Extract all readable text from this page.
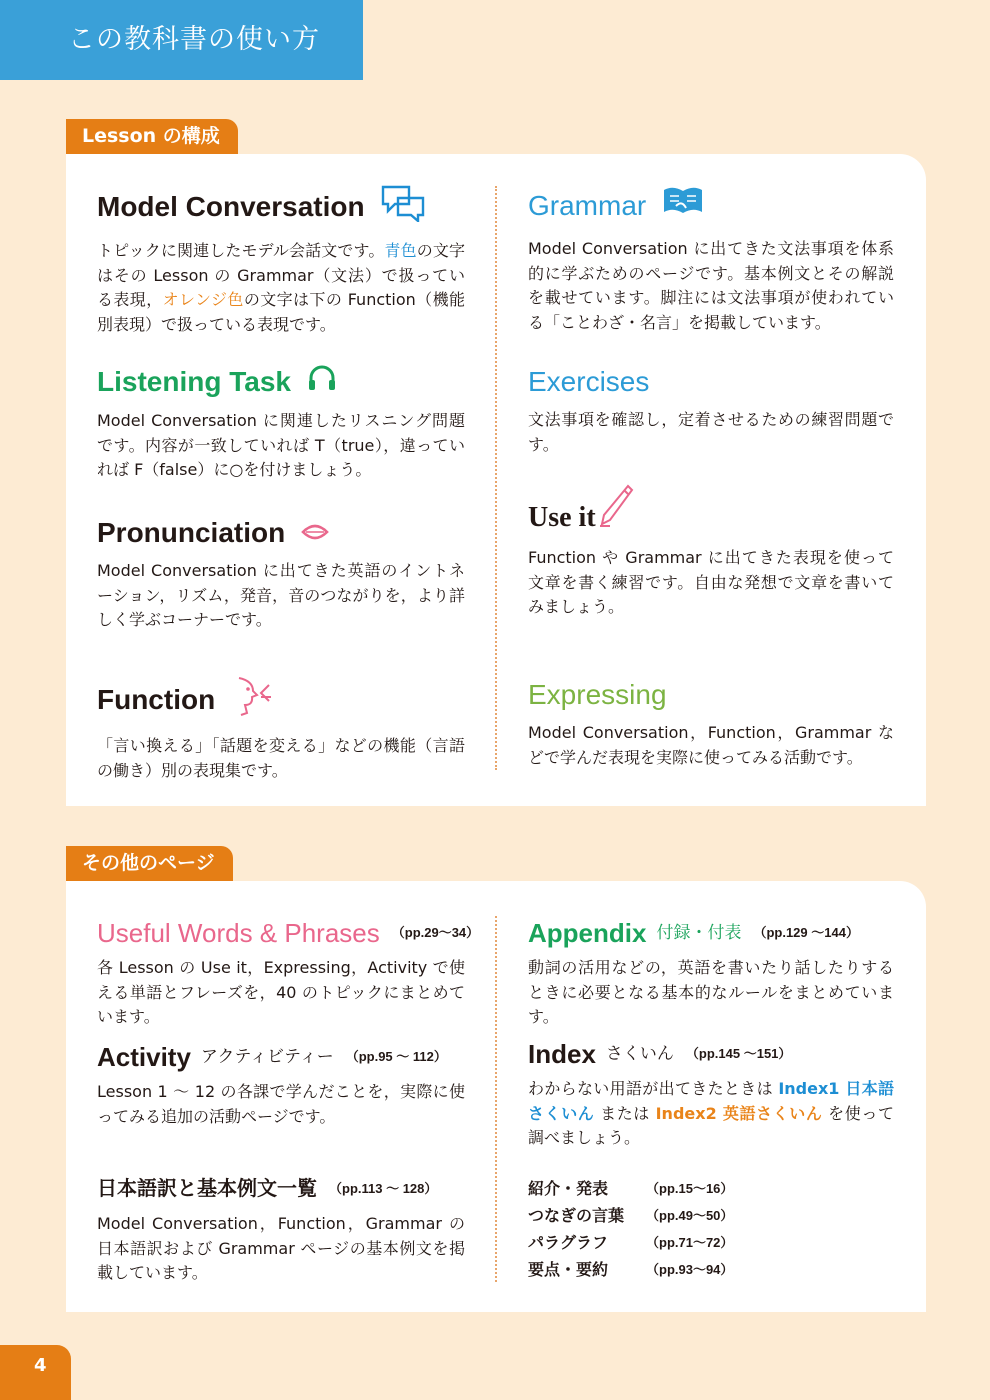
この教科書の使い方
Lesson の構成
Model Conversation
トピックに関連したモデル会話文です。青色の文字はその Lesson の Grammar（文法）で扱っている表現，オレンジ色の文字は下の Function（機能別表現）で扱っている表現です。
Listening Task
Model Conversation に関連したリスニング問題です。内容が一致していれば T（true），違っていれば F（false）に○を付けましょう。
Pronunciation
Model Conversation に出てきた英語のイントネーション，リズム，発音，音のつながりを，より詳しく学ぶコーナーです。
Function
「言い換える」「話題を変える」などの機能（言語の働き）別の表現集です。
Grammar
Model Conversation に出てきた文法事項を体系的に学ぶためのページです。基本例文とその解説を載せています。脚注には文法事項が使われている「ことわざ・名言」を掲載しています。
Exercises
文法事項を確認し，定着させるための練習問題です。
Use it
Function や Grammar に出てきた表現を使って文章を書く練習です。自由な発想で文章を書いてみましょう。
Expressing
Model Conversation，Function，Grammar などで学んだ表現を実際に使ってみる活動です。
その他のページ
Useful Words & Phrases （pp.29〜34）
各 Lesson の Use it，Expressing，Activity で使える単語とフレーズを，40 のトピックにまとめています。
Activity アクティビティー （pp.95 〜 112）
Lesson 1 〜 12 の各課で学んだことを，実際に使ってみる追加の活動ページです。
日本語訳と基本例文一覧 （pp.113 〜 128）
Model Conversation，Function，Grammar の日本語訳および Grammar ページの基本例文を掲載しています。
Appendix 付録・付表 （pp.129 〜144）
動詞の活用などの，英語を書いたり話したりするときに必要となる基本的なルールをまとめています。
Index さくいん （pp.145 〜151）
わからない用語が出てきたときは Index1 日本語さくいん または Index2 英語さくいん を使って調べましょう。
紹介・発表	（pp.15〜16）
つなぎの言葉	（pp.49〜50）
パラグラフ	（pp.71〜72）
要点・要約	（pp.93〜94）
4
